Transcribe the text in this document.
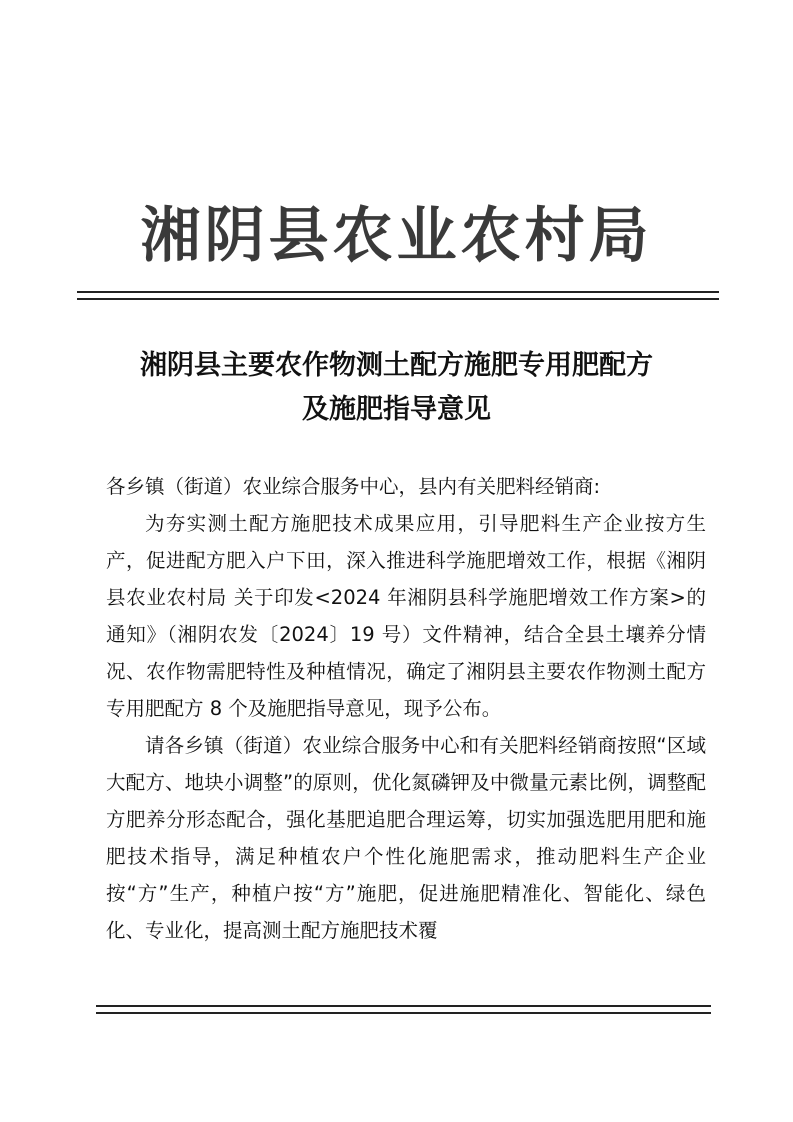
湘阴县农业农村局
湘阴县主要农作物测土配方施肥专用肥配方
及施肥指导意见

各乡镇（街道）农业综合服务中心，县内有关肥料经销商:

为夯实测土配方施肥技术成果应用，引导肥料生产企业按方生产，促进配方肥入户下田，深入推进科学施肥增效工作，根据《湘阴县农业农村局 关于印发<2024 年湘阴县科学施肥增效工作方案>的通知》（湘阴农发〔2024〕19 号）文件精神，结合全县土壤养分情况、农作物需肥特性及种植情况，确定了湘阴县主要农作物测土配方专用肥配方 8 个及施肥指导意见，现予公布。

请各乡镇（街道）农业综合服务中心和有关肥料经销商按照“区域大配方、地块小调整”的原则，优化氮磷钾及中微量元素比例，调整配方肥养分形态配合，强化基肥追肥合理运筹，切实加强选肥用肥和施肥技术指导，满足种植农户个性化施肥需求，推动肥料生产企业按“方”生产，种植户按“方”施肥，促进施肥精准化、智能化、绿色化、专业化，提高测土配方施肥技术覆
